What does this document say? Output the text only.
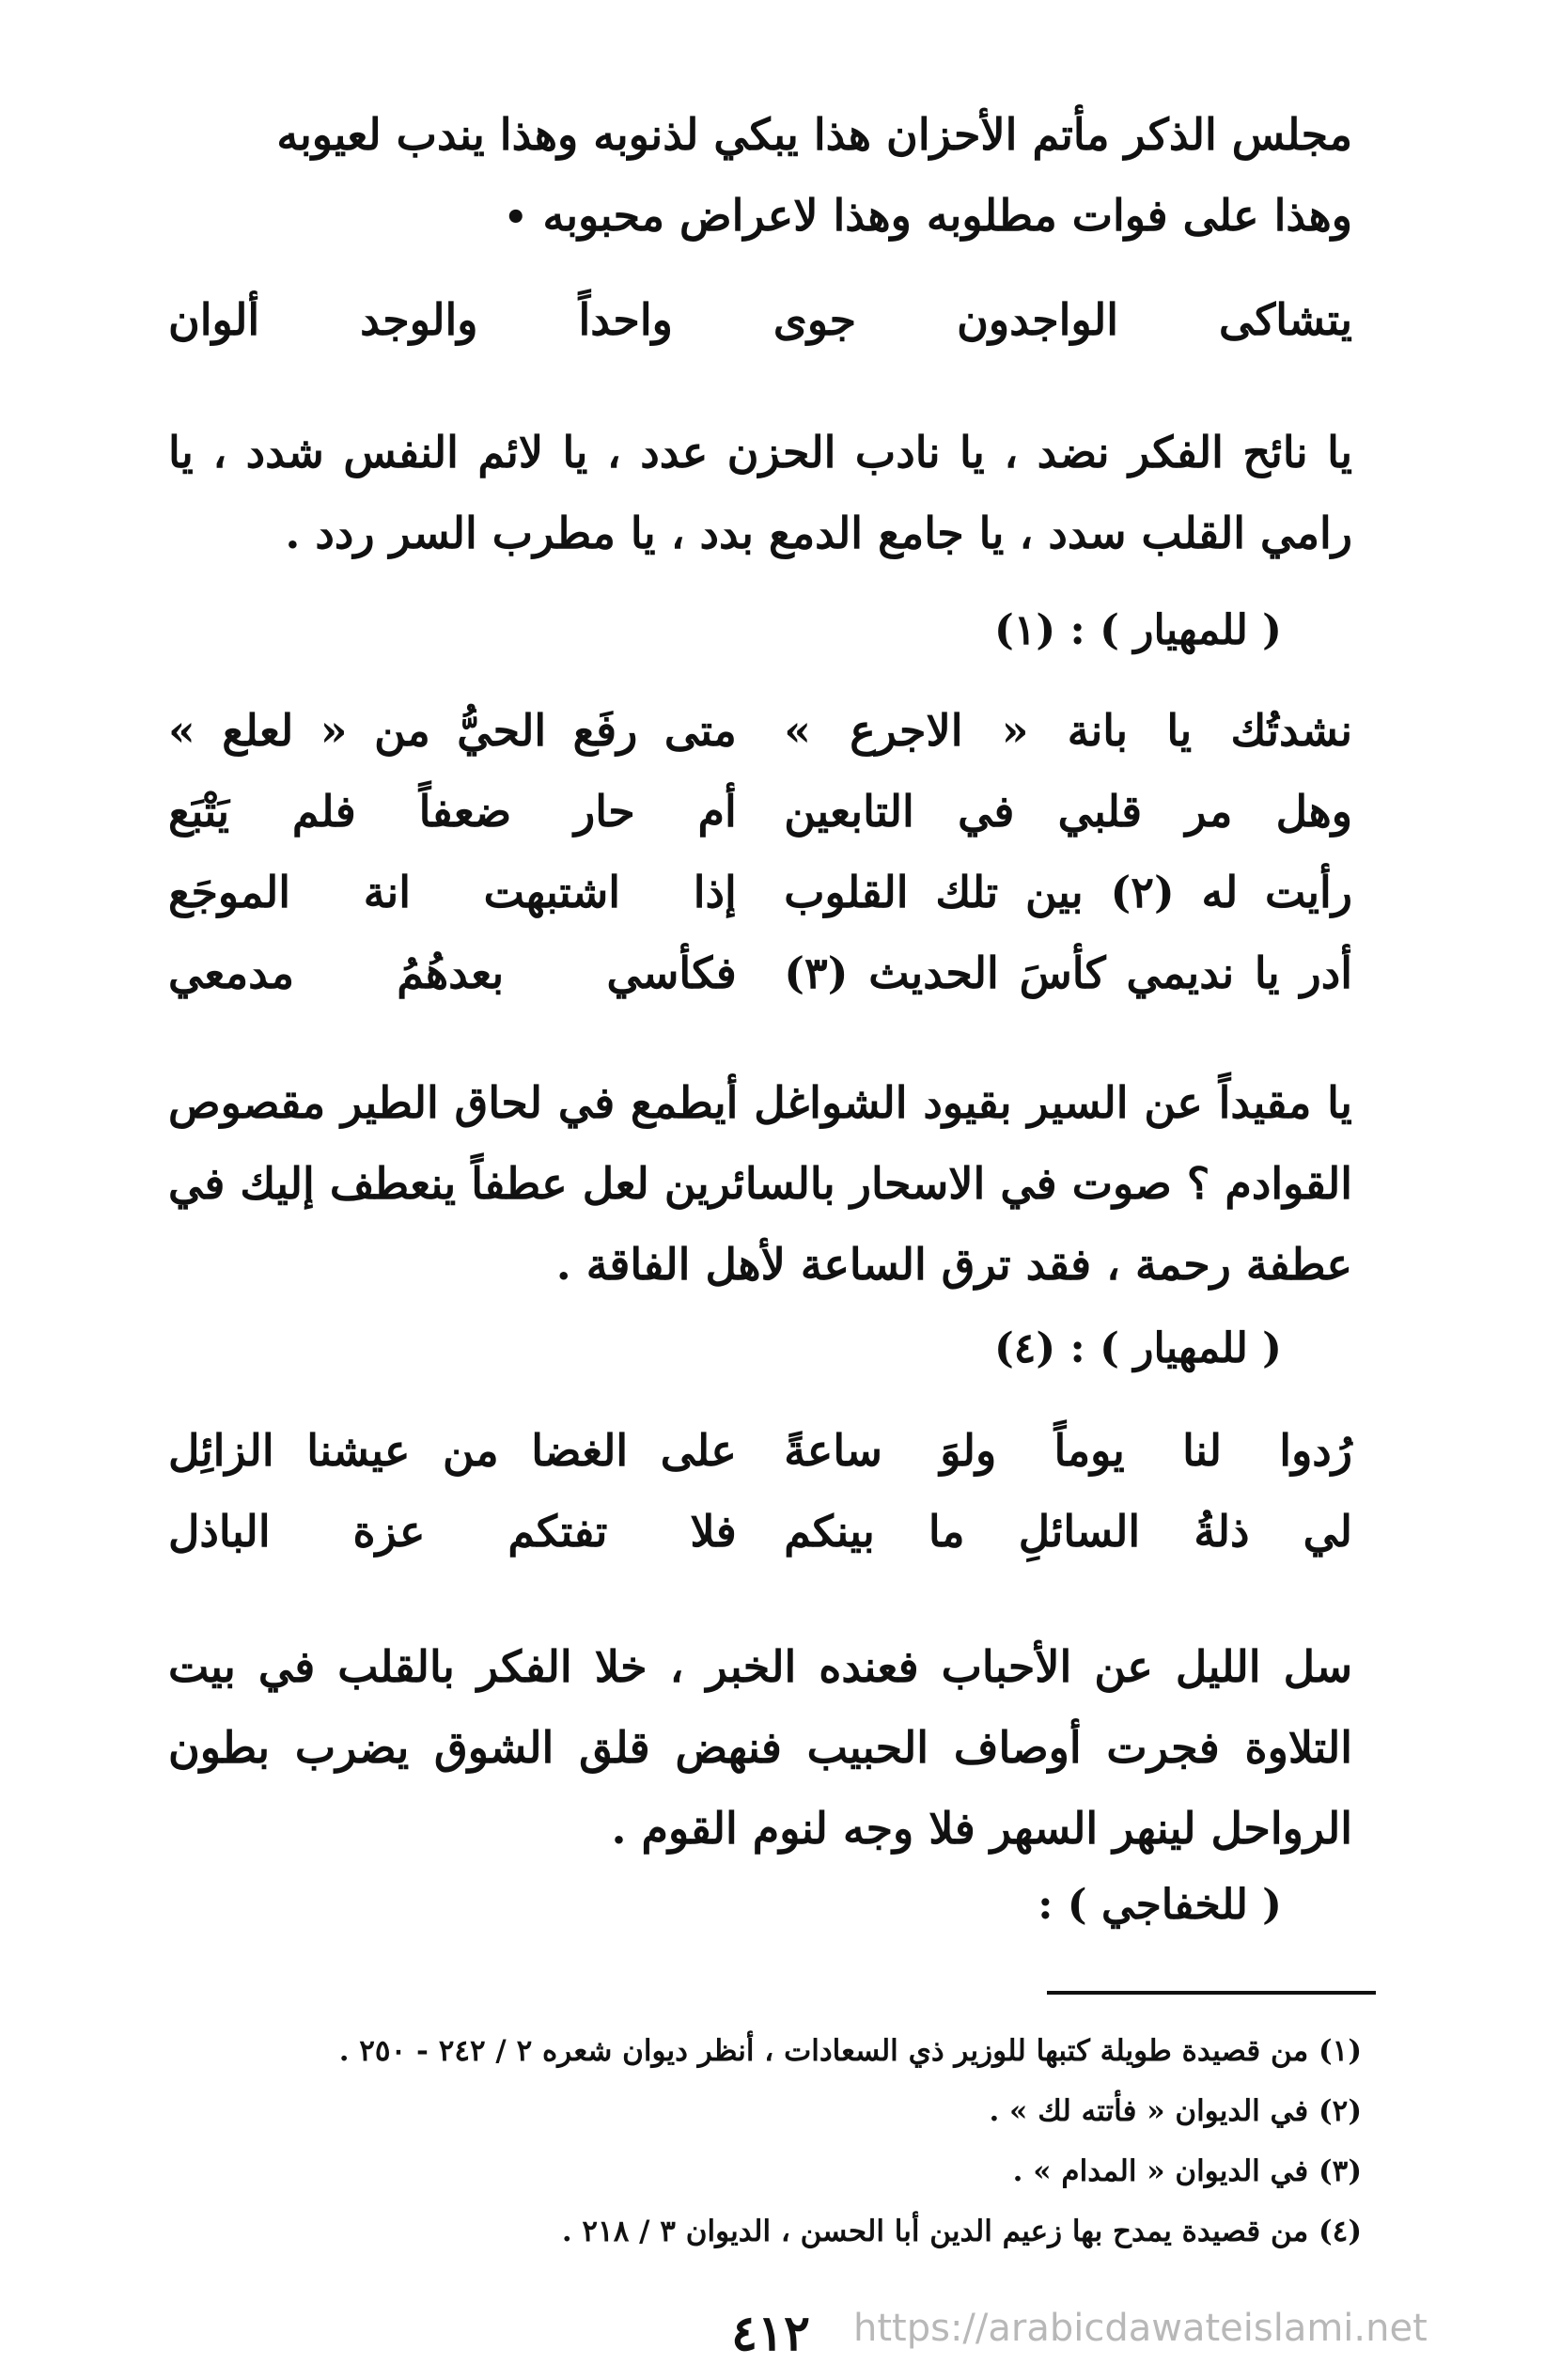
مجلس الذكر مأتم الأحزان هذا يبكي لذنوبه وهذا يندب لعيوبه
وهذا على فوات مطلوبه وهذا لاعراض محبوبه •
يتشاكى الواجدون جوى واحداً والوجد ألوان
يا نائح الفكر نضد ، يا نادب الحزن عدد ، يا لائم النفس شدد ، يا رامي القلب سدد ، يا جامع الدمع بدد ، يا مطرب السر ردد .
( للمهيار ) : (١)
نشدتُك يا بانة « الاجرع »
متى رفَع الحيُّ من « لعلع »
وهل مر قلبي في التابعين
أم حار ضعفاً فلم يَتْبَع
رأيت له (٢) بين تلك القلوب
إذا اشتبهت انة الموجَع
أدر يا نديمي كأسَ الحديث (٣)
فكأسي بعدهُمُ مدمعي
يا مقيداً عن السير بقيود الشواغل أيطمع في لحاق الطير مقصوص القوادم ؟ صوت في الاسحار بالسائرين لعل عطفاً ينعطف إليك في عطفة رحمة ، فقد ترق الساعة لأهل الفاقة .
( للمهيار ) : (٤)
رُدوا لنا يوماً ولوَ ساعةً
على الغضا من عيشنا الزائِل
لي ذلةُ السائلِ ما بينكم
فلا تفتكم عزة الباذل
سل الليل عن الأحباب فعنده الخبر ، خلا الفكر بالقلب في بيت التلاوة فجرت أوصاف الحبيب فنهض قلق الشوق يضرب بطون الرواحل لينهر السهر فلا وجه لنوم القوم .
( للخفاجي ) :
(١) من قصيدة طويلة كتبها للوزير ذي السعادات ، أنظر ديوان شعره ٢ / ٢٤٢ - ٢٥٠ .
(٢) في الديوان « فأتته لك » .
(٣) في الديوان « المدام » .
(٤) من قصيدة يمدح بها زعيم الدين أبا الحسن ، الديوان ٣ / ٢١٨ .
٤١٢	https://arabicdawateislami.net
